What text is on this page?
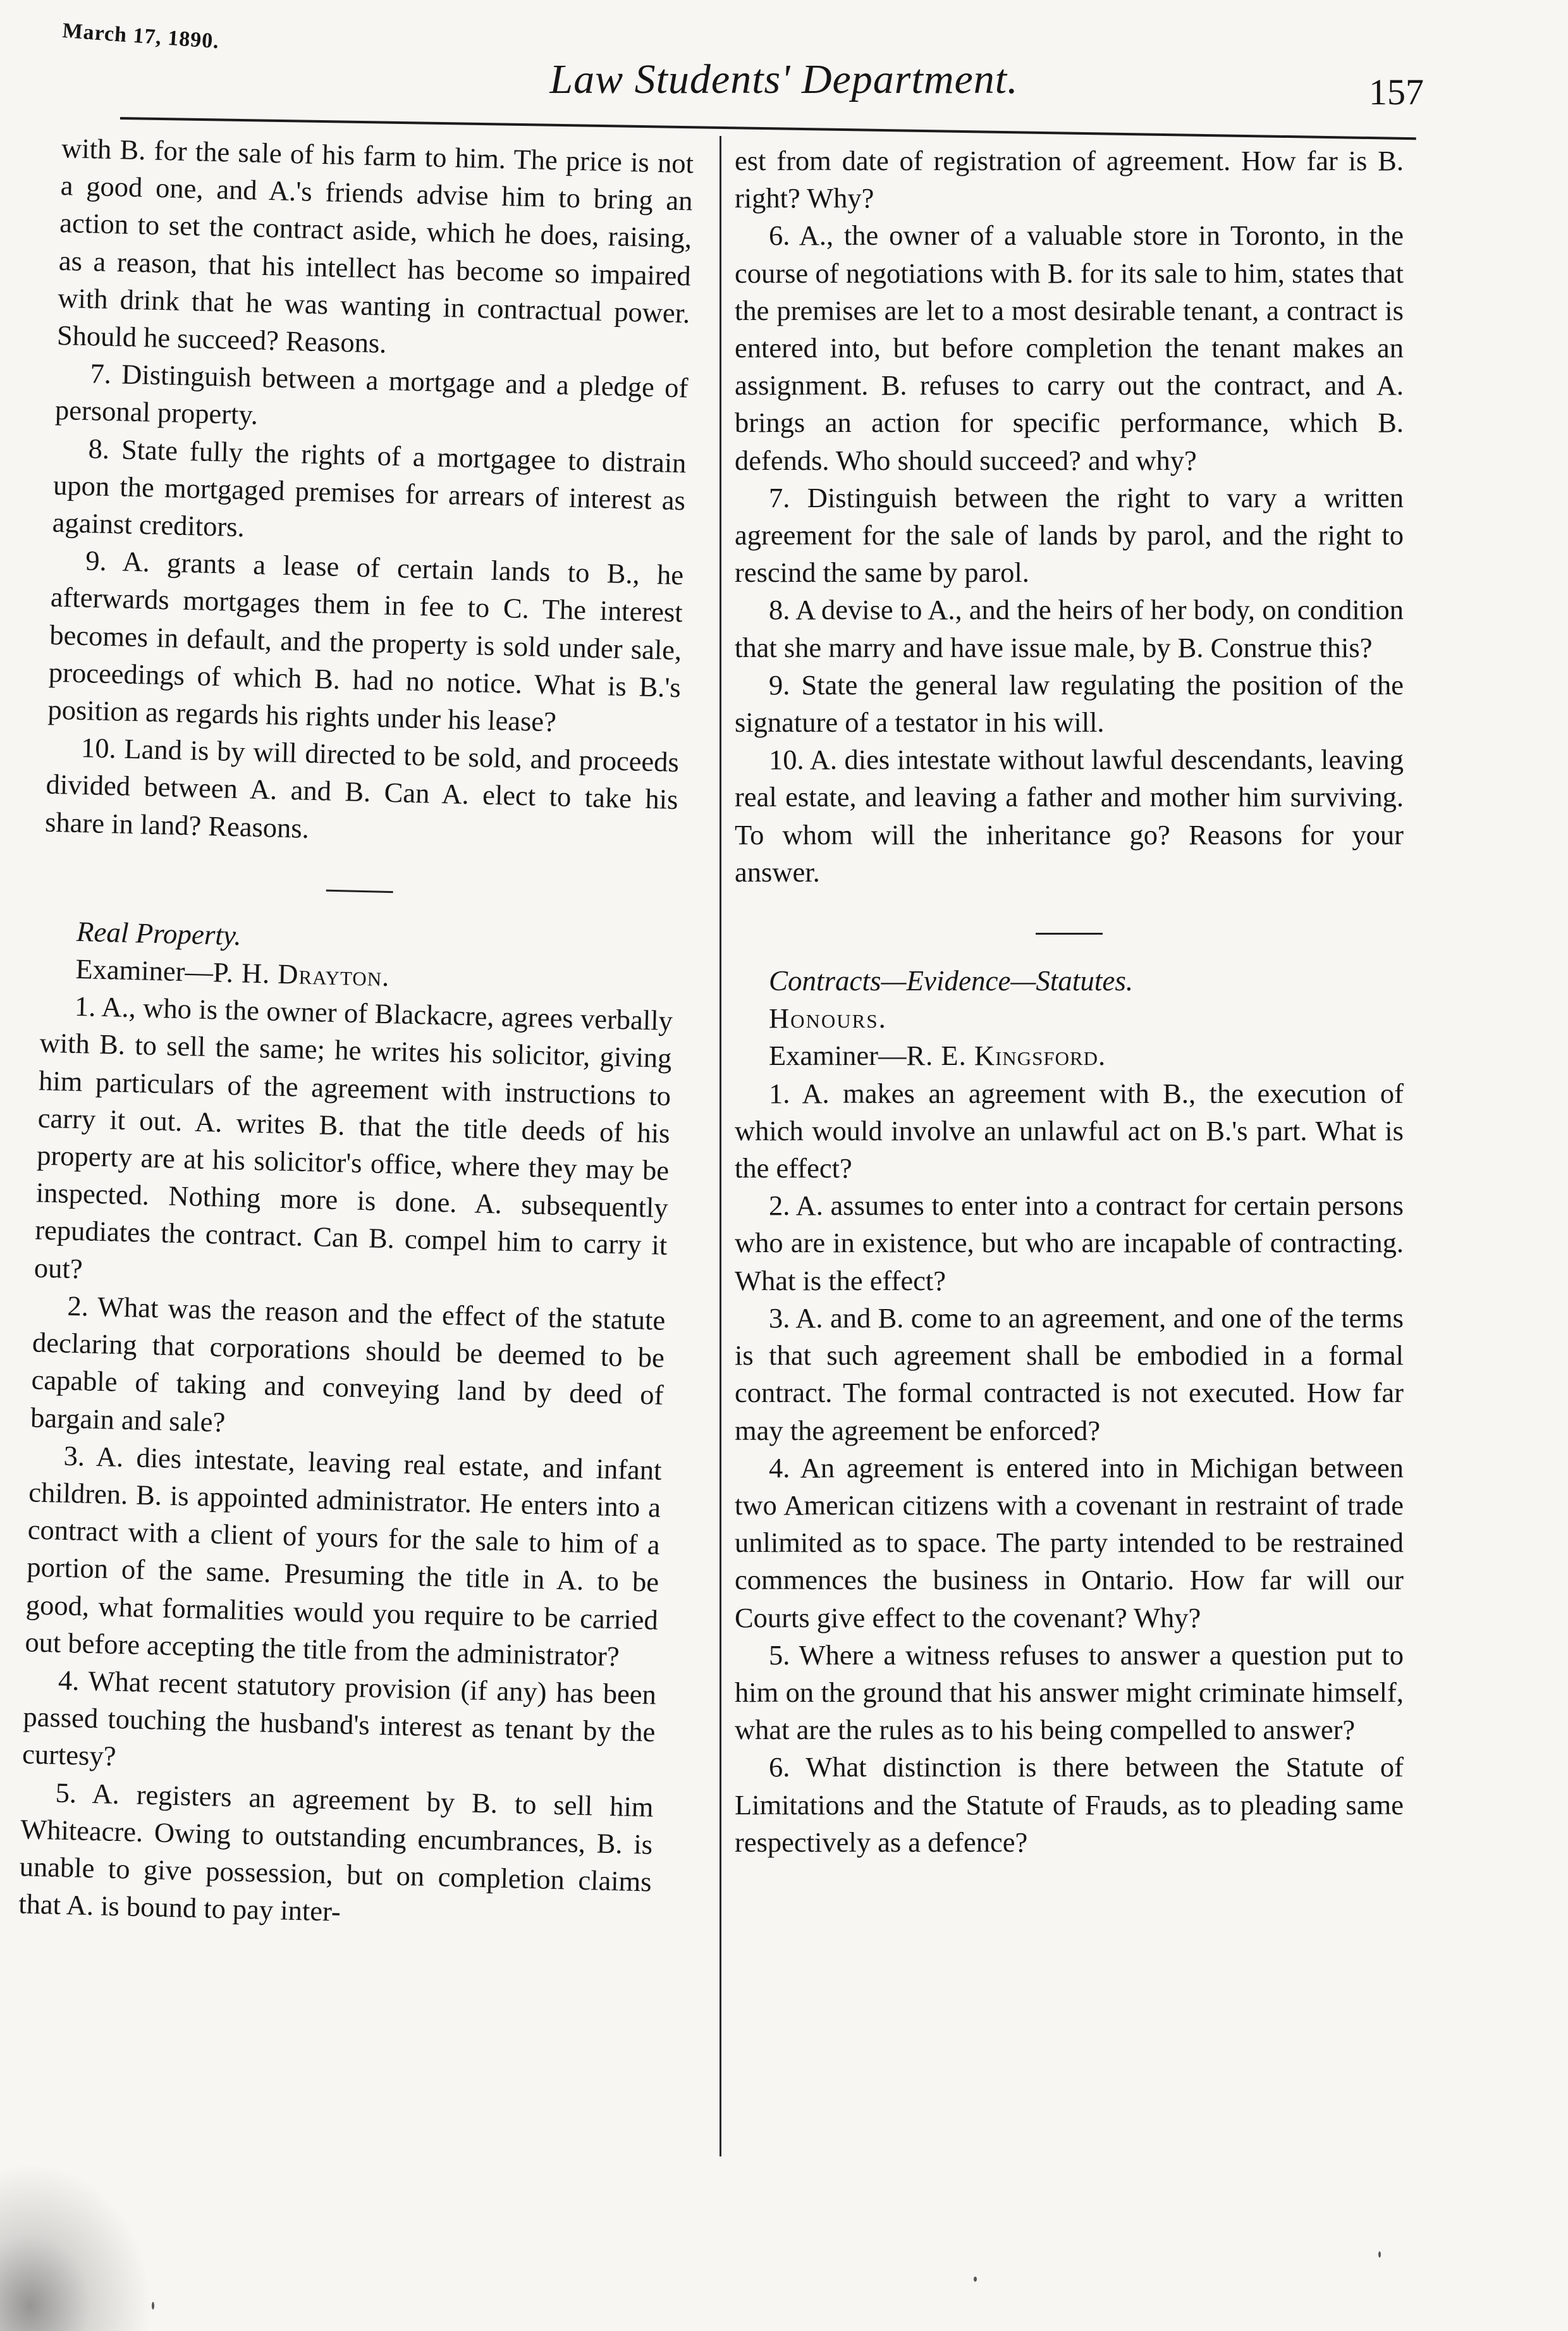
March 17, 1890.
Law Students' Department.	157

with B. for the sale of his farm to him. The price is not a good one, and A.'s friends advise him to bring an action to set the contract aside, which he does, raising, as a reason, that his intellect has become so impaired with drink that he was wanting in contractual power. Should he succeed? Reasons.

7. Distinguish between a mortgage and a pledge of personal property.

8. State fully the rights of a mortgagee to distrain upon the mortgaged premises for arrears of interest as against creditors.

9. A. grants a lease of certain lands to B., he afterwards mortgages them in fee to C. The interest becomes in default, and the property is sold under sale, proceedings of which B. had no notice. What is B.'s position as regards his rights under his lease?

10. Land is by will directed to be sold, and proceeds divided between A. and B. Can A. elect to take his share in land? Reasons.

Real Property.

Examiner—P. H. Drayton.

1. A., who is the owner of Blackacre, agrees verbally with B. to sell the same; he writes his solicitor, giving him particulars of the agreement with instructions to carry it out. A. writes B. that the title deeds of his property are at his solicitor's office, where they may be inspected. Nothing more is done. A. subsequently repudiates the contract. Can B. compel him to carry it out?

2. What was the reason and the effect of the statute declaring that corporations should be deemed to be capable of taking and conveying land by deed of bargain and sale?

3. A. dies intestate, leaving real estate, and infant children. B. is appointed administrator. He enters into a contract with a client of yours for the sale to him of a portion of the same. Presuming the title in A. to be good, what formalities would you require to be carried out before accepting the title from the administrator?

4. What recent statutory provision (if any) has been passed touching the husband's interest as tenant by the curtesy?

5. A. registers an agreement by B. to sell him Whiteacre. Owing to outstanding encumbrances, B. is unable to give possession, but on completion claims that A. is bound to pay inter-

est from date of registration of agreement. How far is B. right? Why?

6. A., the owner of a valuable store in Toronto, in the course of negotiations with B. for its sale to him, states that the premises are let to a most desirable tenant, a contract is entered into, but before completion the tenant makes an assignment. B. refuses to carry out the contract, and A. brings an action for specific performance, which B. defends. Who should succeed? and why?

7. Distinguish between the right to vary a written agreement for the sale of lands by parol, and the right to rescind the same by parol.

8. A devise to A., and the heirs of her body, on condition that she marry and have issue male, by B. Construe this?

9. State the general law regulating the position of the signature of a testator in his will.

10. A. dies intestate without lawful descendants, leaving real estate, and leaving a father and mother him surviving. To whom will the inheritance go? Reasons for your answer.

Contracts—Evidence—Statutes.

Honours.

Examiner—R. E. Kingsford.

1. A. makes an agreement with B., the execution of which would involve an unlawful act on B.'s part. What is the effect?

2. A. assumes to enter into a contract for certain persons who are in existence, but who are incapable of contracting. What is the effect?

3. A. and B. come to an agreement, and one of the terms is that such agreement shall be embodied in a formal contract. The formal contracted is not executed. How far may the agreement be enforced?

4. An agreement is entered into in Michigan between two American citizens with a covenant in restraint of trade unlimited as to space. The party intended to be restrained commences the business in Ontario. How far will our Courts give effect to the covenant? Why?

5. Where a witness refuses to answer a question put to him on the ground that his answer might criminate himself, what are the rules as to his being compelled to answer?

6. What distinction is there between the Statute of Limitations and the Statute of Frauds, as to pleading same respectively as a defence?
